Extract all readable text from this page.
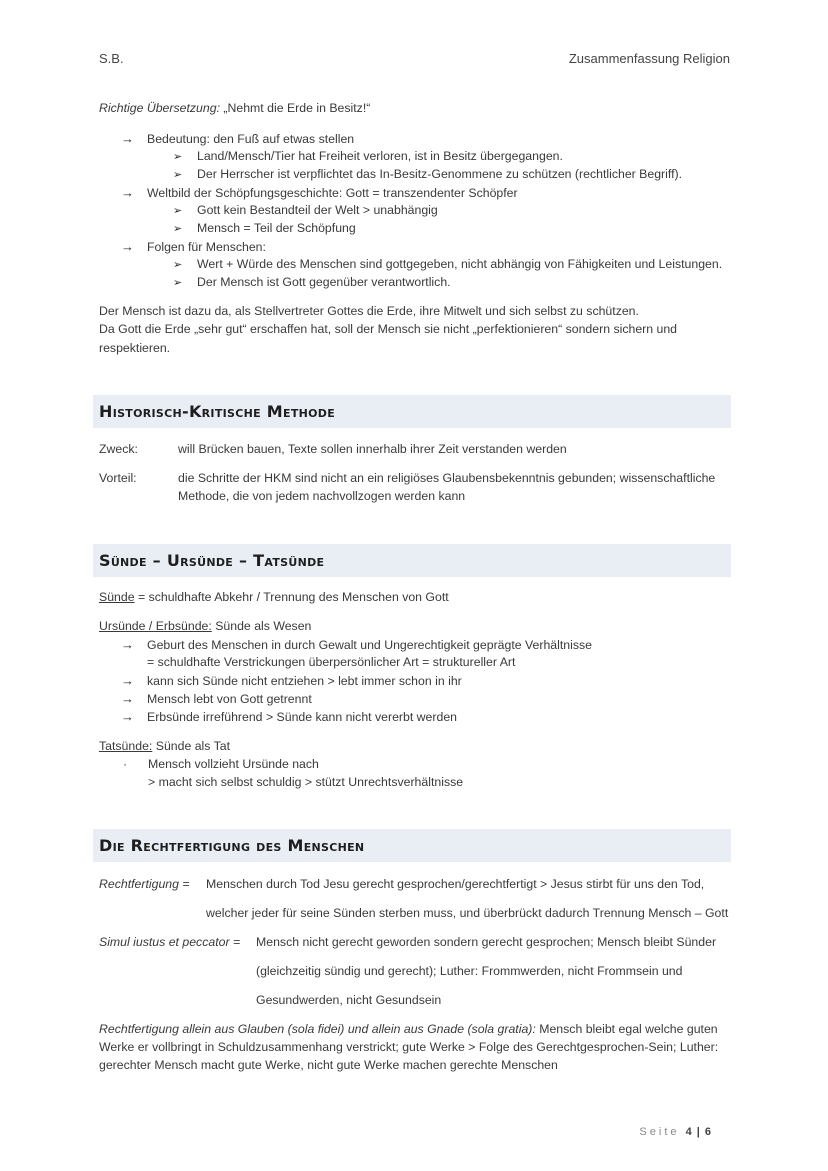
S.B.	Zusammenfassung Religion
Richtige Übersetzung: „Nehmt die Erde in Besitz!“
→ Bedeutung: den Fuß auf etwas stellen
➢ Land/Mensch/Tier hat Freiheit verloren, ist in Besitz übergegangen.
➢ Der Herrscher ist verpflichtet das In-Besitz-Genommene zu schützen (rechtlicher Begriff).
→ Weltbild der Schöpfungsgeschichte: Gott = transzendenter Schöpfer
➢ Gott kein Bestandteil der Welt > unabhängig
➢ Mensch = Teil der Schöpfung
→ Folgen für Menschen:
➢ Wert + Würde des Menschen sind gottgegeben, nicht abhängig von Fähigkeiten und Leistungen.
➢ Der Mensch ist Gott gegenüber verantwortlich.
Der Mensch ist dazu da, als Stellvertreter Gottes die Erde, ihre Mitwelt und sich selbst zu schützen.
Da Gott die Erde „sehr gut“ erschaffen hat, soll der Mensch sie nicht „perfektionieren“ sondern sichern und
respektieren.
Historisch-Kritische Methode
Zweck:	will Brücken bauen, Texte sollen innerhalb ihrer Zeit verstanden werden
Vorteil:	die Schritte der HKM sind nicht an ein religiöses Glaubensbekenntnis gebunden; wissenschaftliche
Methode, die von jedem nachvollzogen werden kann
Sünde – Ursünde – Tatsünde
Sünde = schuldhafte Abkehr / Trennung des Menschen von Gott
Ursünde / Erbsünde: Sünde als Wesen
→ Geburt des Menschen in durch Gewalt und Ungerechtigkeit geprägte Verhältnisse
= schuldhafte Verstrickungen überpersönlicher Art = struktureller Art
→ kann sich Sünde nicht entziehen > lebt immer schon in ihr
→ Mensch lebt von Gott getrennt
→ Erbsünde irreführend > Sünde kann nicht vererbt werden
Tatsünde: Sünde als Tat
· Mensch vollzieht Ursünde nach
> macht sich selbst schuldig > stützt Unrechtsverhältnisse
Die Rechtfertigung des Menschen
Rechtfertigung = Menschen durch Tod Jesu gerecht gesprochen/gerechtfertigt > Jesus stirbt für uns den Tod,
welcher jeder für seine Sünden sterben muss, und überbrückt dadurch Trennung Mensch – Gott
Simul iustus et peccator = Mensch nicht gerecht geworden sondern gerecht gesprochen; Mensch bleibt Sünder
(gleichzeitig sündig und gerecht); Luther: Frommwerden, nicht Frommsein und
Gesundwerden, nicht Gesundsein
Rechtfertigung allein aus Glauben (sola fidei) und allein aus Gnade (sola gratia): Mensch bleibt egal welche guten
Werke er vollbringt in Schuldzusammenhang verstrickt; gute Werke > Folge des Gerechtgesprochen-Sein; Luther:
gerechter Mensch macht gute Werke, nicht gute Werke machen gerechte Menschen
Seite 4 | 6
